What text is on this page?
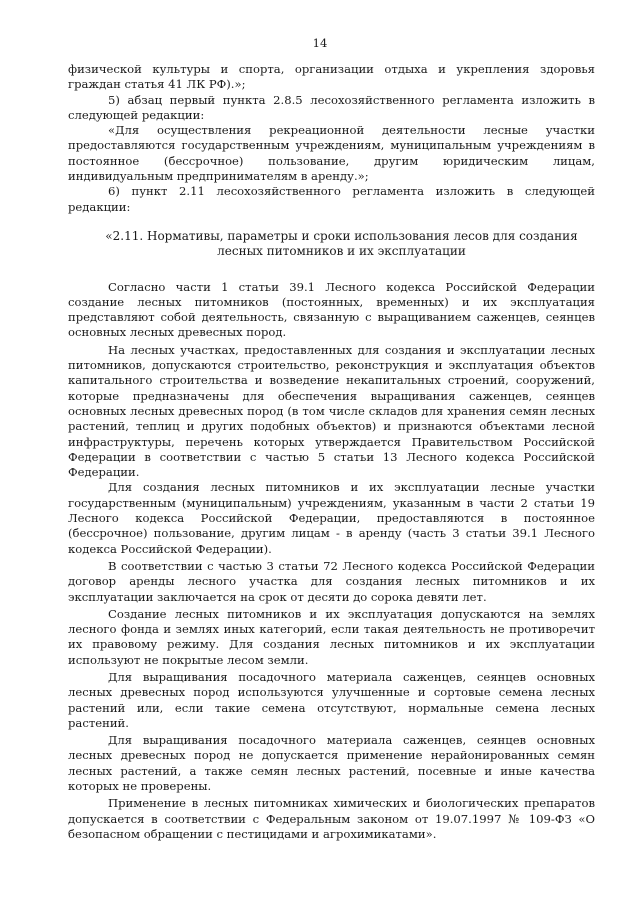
14

физической культуры и спорта, организации отдыха и укрепления здоровья граждан статья 41 ЛК РФ).»;

5) абзац первый пункта 2.8.5 лесохозяйственного регламента изложить в следующей редакции:

«Для осуществления рекреационной деятельности лесные участки предоставляются государственным учреждениям, муниципальным учреждениям в постоянное (бессрочное) пользование, другим юридическим лицам, индивидуальным предпринимателям в аренду.»;

6) пункт 2.11 лесохозяйственного регламента изложить в следующей редакции:

«2.11. Нормативы, параметры и сроки использования лесов для создания лесных питомников и их эксплуатации

Согласно части 1 статьи 39.1 Лесного кодекса Российской Федерации создание лесных питомников (постоянных, временных) и их эксплуатация представляют собой деятельность, связанную с выращиванием саженцев, сеянцев основных лесных древесных пород.

На лесных участках, предоставленных для создания и эксплуатации лесных питомников, допускаются строительство, реконструкция и эксплуатация объектов капитального строительства и возведение некапитальных строений, сооружений, которые предназначены для обеспечения выращивания саженцев, сеянцев основных лесных древесных пород (в том числе складов для хранения семян лесных растений, теплиц и других подобных объектов) и признаются объектами лесной инфраструктуры, перечень которых утверждается Правительством Российской Федерации в соответствии с частью 5 статьи 13 Лесного кодекса Российской Федерации.

Для создания лесных питомников и их эксплуатации лесные участки государственным (муниципальным) учреждениям, указанным в части 2 статьи 19 Лесного кодекса Российской Федерации, предоставляются в постоянное (бессрочное) пользование, другим лицам - в аренду (часть 3 статьи 39.1 Лесного кодекса Российской Федерации).

В соответствии с частью 3 статьи 72 Лесного кодекса Российской Федерации договор аренды лесного участка для создания лесных питомников и их эксплуатации заключается на срок от десяти до сорока девяти лет.

Создание лесных питомников и их эксплуатация допускаются на землях лесного фонда и землях иных категорий, если такая деятельность не противоречит их правовому режиму. Для создания лесных питомников и их эксплуатации используют не покрытые лесом земли.

Для выращивания посадочного материала саженцев, сеянцев основных лесных древесных пород используются улучшенные и сортовые семена лесных растений или, если такие семена отсутствуют, нормальные семена лесных растений.

Для выращивания посадочного материала саженцев, сеянцев основных лесных древесных пород не допускается применение нерайонированных семян лесных растений, а также семян лесных растений, посевные и иные качества которых не проверены.

Применение в лесных питомниках химических и биологических препаратов допускается в соответствии с Федеральным законом от 19.07.1997 № 109-ФЗ «О безопасном обращении с пестицидами и агрохимикатами».
